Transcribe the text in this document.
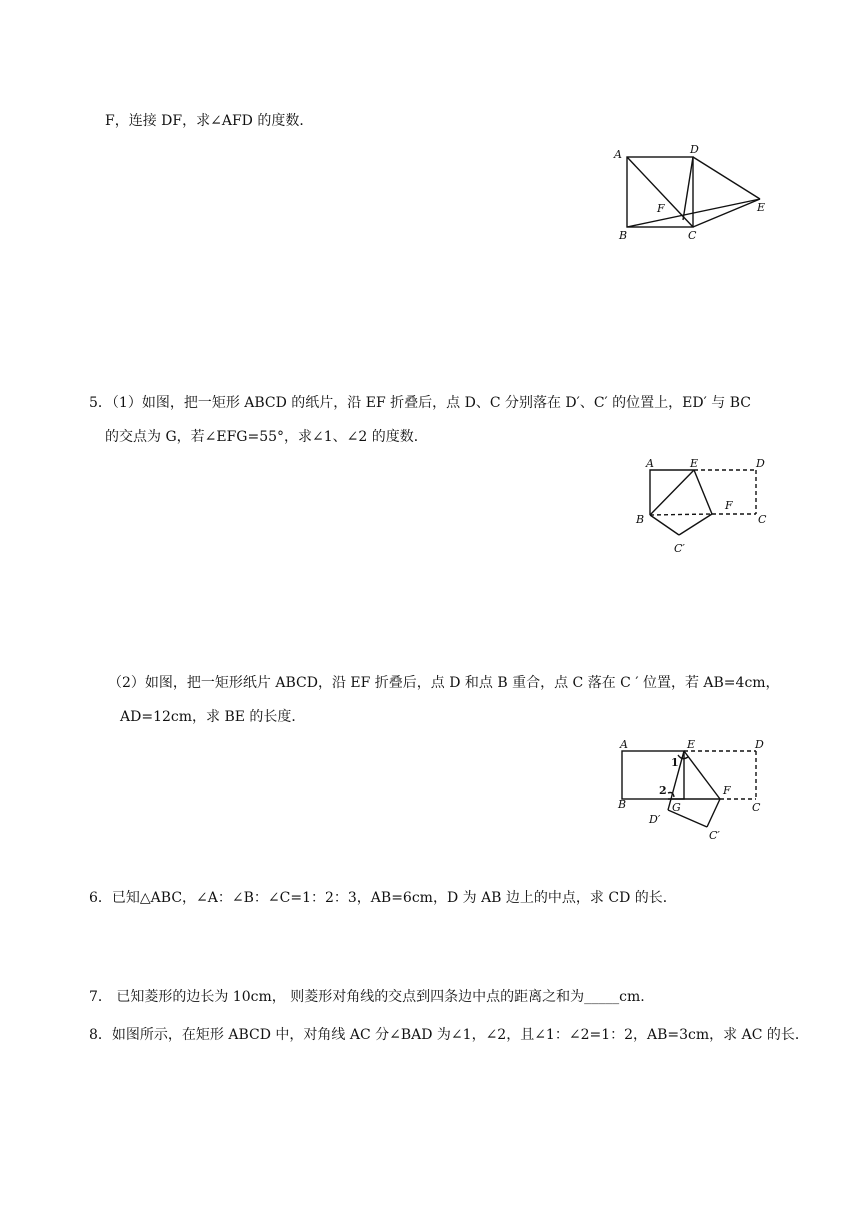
F，连接 DF，求∠AFD 的度数．
A	D
E
F
B	C
5．（1）如图，把一矩形 ABCD 的纸片，沿 EF 折叠后，点 D、C 分别落在 D′、C′ 的位置上，ED′ 与 BC
的交点为 G，若∠EFG=55°，求∠1、∠2 的度数．
A	E	D
F
C
B
C′
（2）如图，把一矩形纸片 ABCD，沿 EF 折叠后，点 D 和点 B 重合，点 C 落在 C ′ 位置，若 AB=4cm，
AD=12cm，求 BE 的长度．
A	E	D
1
2
B	G
F
C
D′
C′
6．已知△ABC，∠A：∠B：∠C=1：2：3，AB=6cm，D 为 AB 边上的中点，求 CD 的长．
7． 已知菱形的边长为 10cm， 则菱形对角线的交点到四条边中点的距离之和为_____cm.
8．如图所示，在矩形 ABCD 中，对角线 AC 分∠BAD 为∠1，∠2，且∠1：∠2=1：2，AB=3cm，求 AC 的长．
